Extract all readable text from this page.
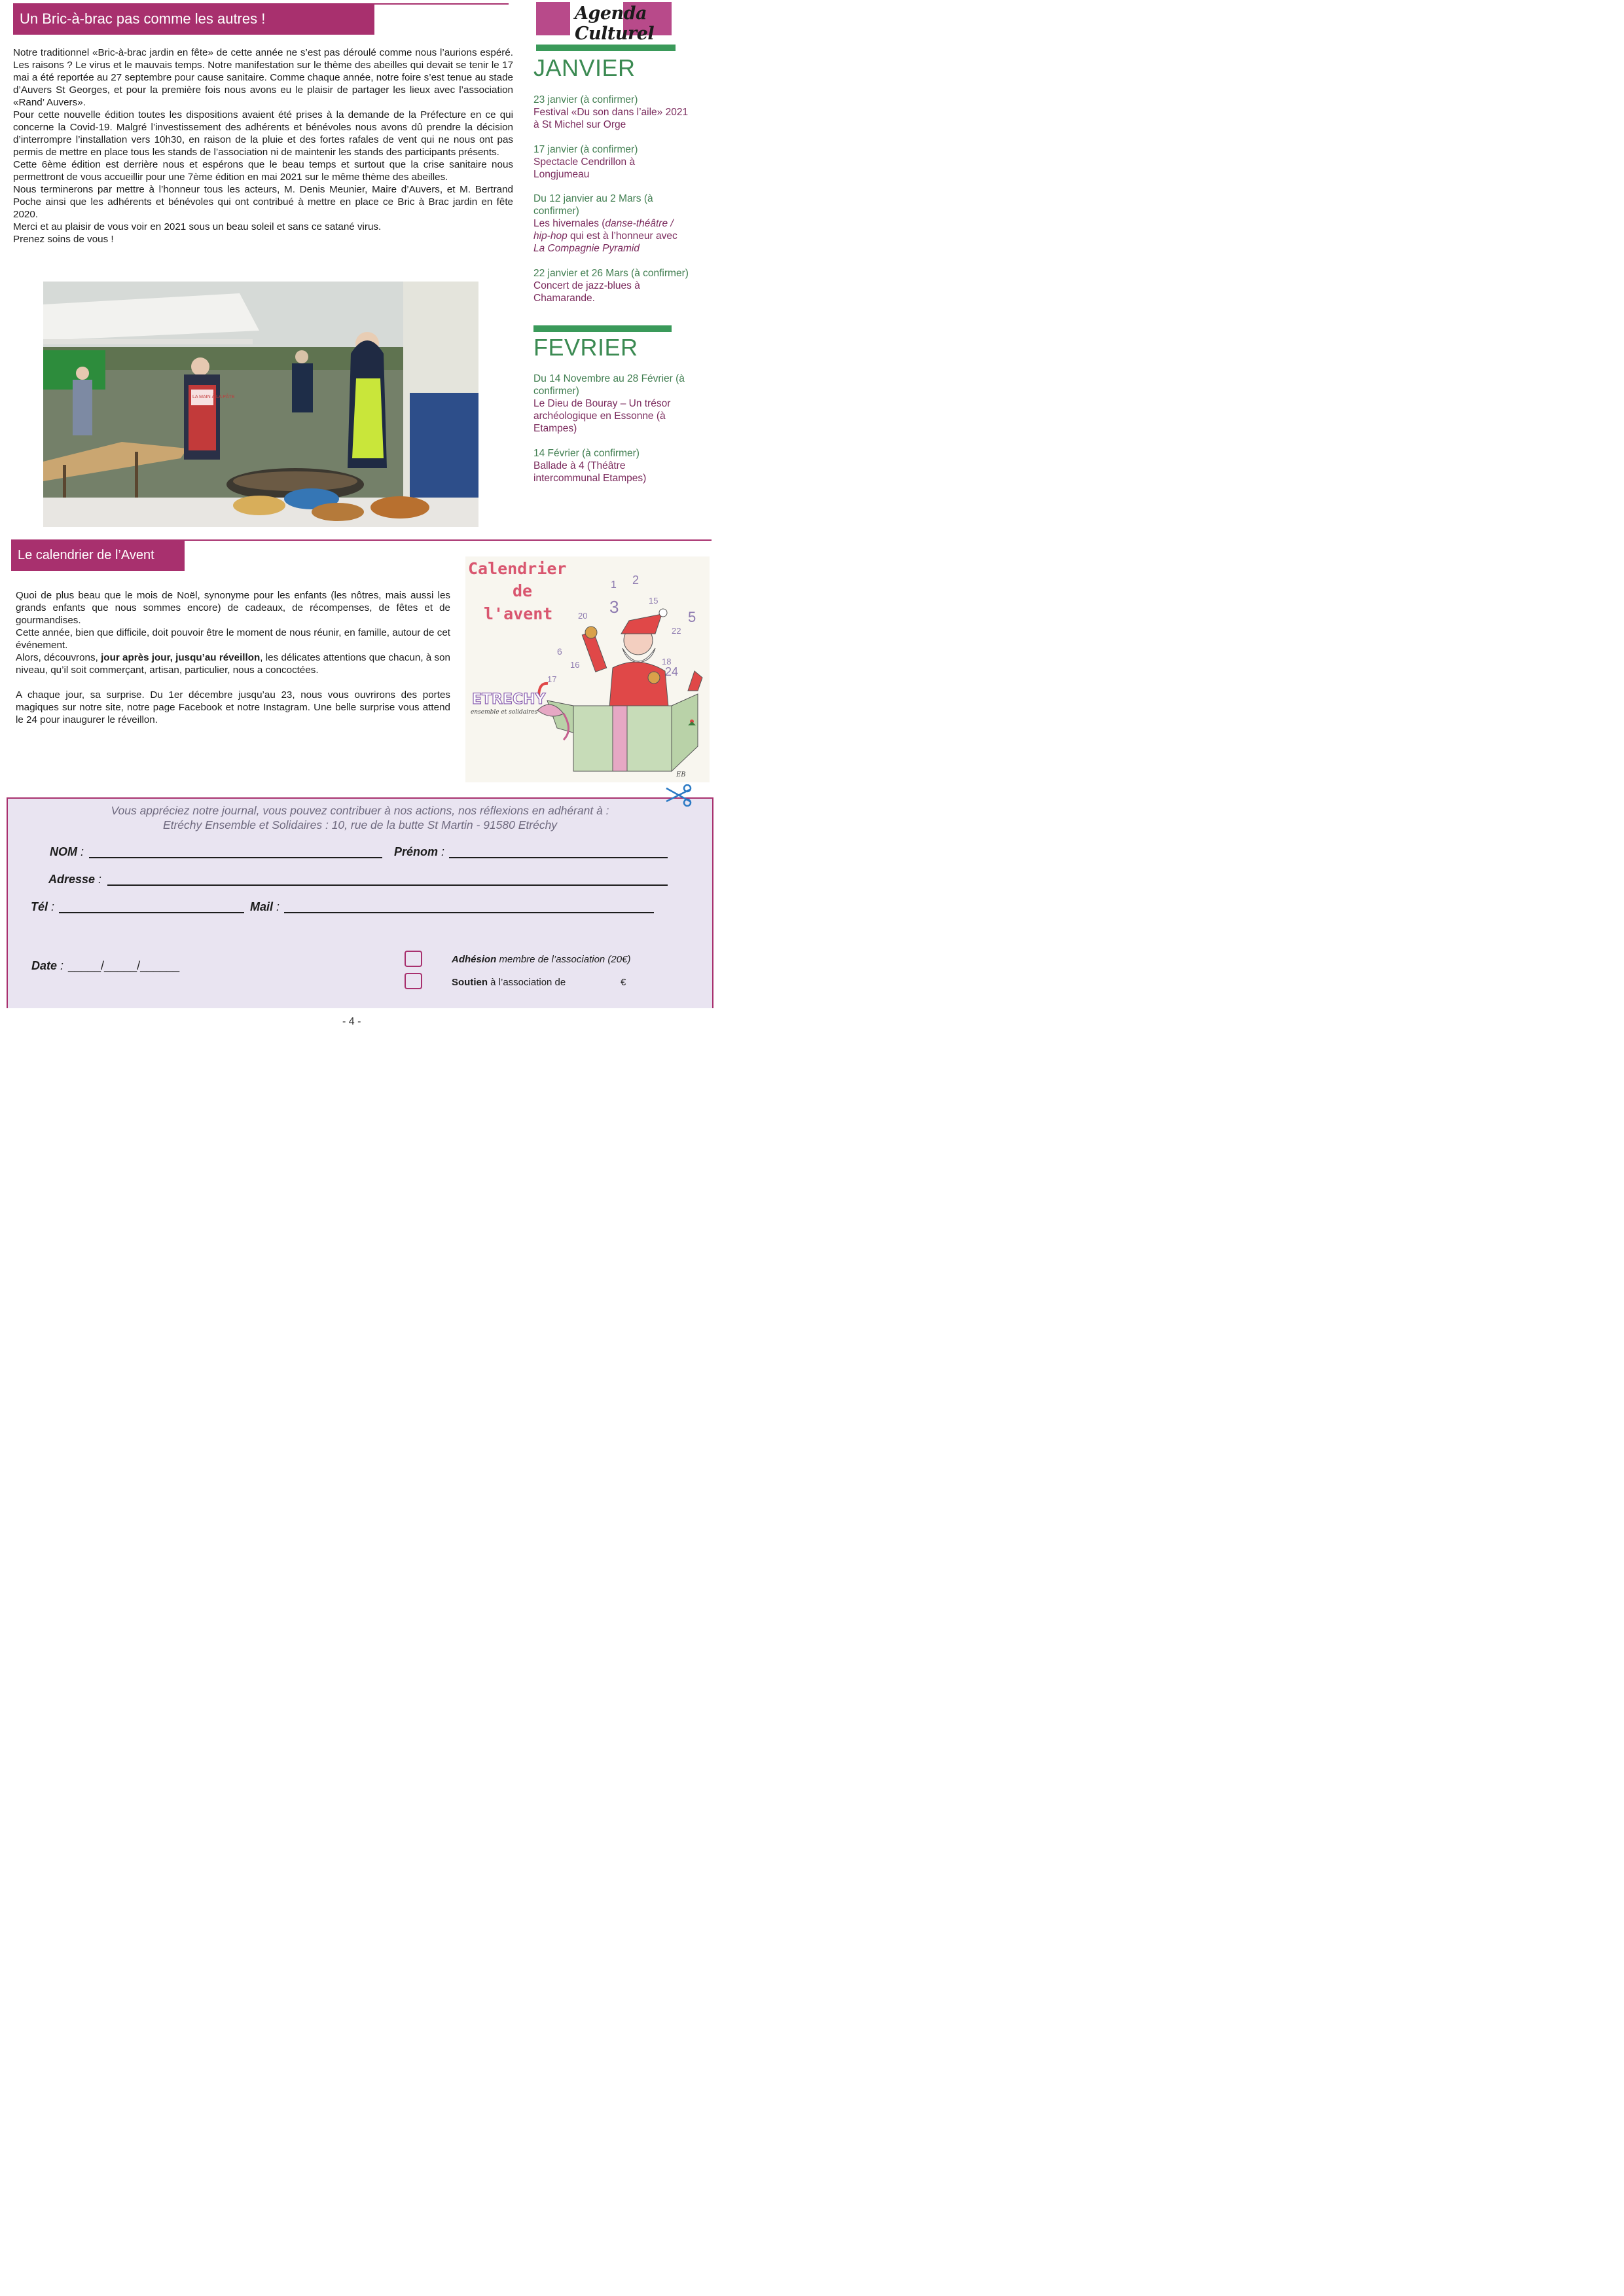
Un Bric-à-brac pas comme les autres !

Notre traditionnel «Bric-à-brac jardin en fête» de cette année ne s’est pas déroulé comme nous l’aurions espéré. Les raisons ? Le virus et le mauvais temps. Notre manifestation sur le thème des abeilles qui devait se tenir le 17 mai a été reportée au 27 septembre pour cause sanitaire. Comme chaque année, notre foire s’est tenue au stade d’Auvers St Georges, et pour la première fois nous avons eu le plaisir de partager les lieux avec l’association «Rand’ Auvers».

Pour cette nouvelle édition toutes les dispositions avaient été prises à la demande de la Préfecture en ce qui concerne la Covid-19. Malgré l’investissement des adhérents et bénévoles nous avons dû prendre la décision d’interrompre l’installation vers 10h30, en raison de la pluie et des fortes rafales de vent qui ne nous ont pas permis de mettre en place tous les stands de l’association ni de maintenir les stands des participants présents.

Cette 6ème édition est derrière nous et espérons que le beau temps et surtout que la crise sanitaire nous permettront de vous accueillir pour une 7ème édition en mai 2021 sur le même thème des abeilles.

Nous terminerons par mettre à l’honneur tous les acteurs, M. Denis Meunier, Maire d’Auvers, et M. Bertrand Poche ainsi que les adhérents et bénévoles qui ont contribué à mettre en place ce Bric à Brac jardin en fête 2020.

Merci et au plaisir de vous voir en 2021 sous un beau soleil et sans ce satané virus.

Prenez soins de vous !

LA MAIN À LA PÂTE
Agenda Culturel
JANVIER
23 janvier (à confirmer)
Festival «Du son dans l’aile» 2021 à St Michel sur Orge
17 janvier (à confirmer)
Spectacle Cendrillon à Longjumeau
Du 12 janvier au 2 Mars (à confirmer)
Les hivernales (danse-théâtre / hip-hop qui est à l’honneur avec La Compagnie Pyramid
22 janvier et 26 Mars (à confirmer)
Concert de jazz-blues à Chamarande.
FEVRIER
Du 14 Novembre au 28 Février (à confirmer)
Le Dieu de Bouray – Un trésor archéologique en Essonne (à Etampes)
14 Février (à confirmer)
Ballade à 4 (Théâtre intercommunal Etampes)
Le calendrier de l’Avent

Quoi de plus beau que le mois de Noël, synonyme pour les enfants (les nôtres, mais aussi les grands enfants que nous sommes encore) de cadeaux, de récompenses, de fêtes et de gourmandises.

Cette année, bien que difficile, doit pouvoir être le moment de nous réunir, en famille, autour de cet événement.

Alors, découvrons, jour après jour, jusqu’au réveillon, les délicates attentions que chacun, à son niveau, qu’il soit commerçant, artisan, particulier, nous a concoctées.

A chaque jour, sa surprise. Du 1er décembre jusqu’au 23, nous vous ouvrirons des portes magiques sur notre site, notre page Facebook et notre Instagram. Une belle surprise vous attend le 24 pour inaugurer le réveillon.

Calendrier
de
l'avent
1 2
3
5
6
15
16
17
18
20
22
24
ETRECHY
ensemble et solidaires
EB
Vous appréciez notre journal, vous pouvez contribuer à nos actions, nos réflexions en adhérant à :
Etréchy Ensemble et Solidaires : 10, rue de la butte St Martin - 91580 Etréchy
NOM :	Prénom :
Adresse :
Tél :	Mail :
Date : _____/_____/______	Adhésion membre de l’association (20€)
Soutien à l’association de	€
- 4 -
